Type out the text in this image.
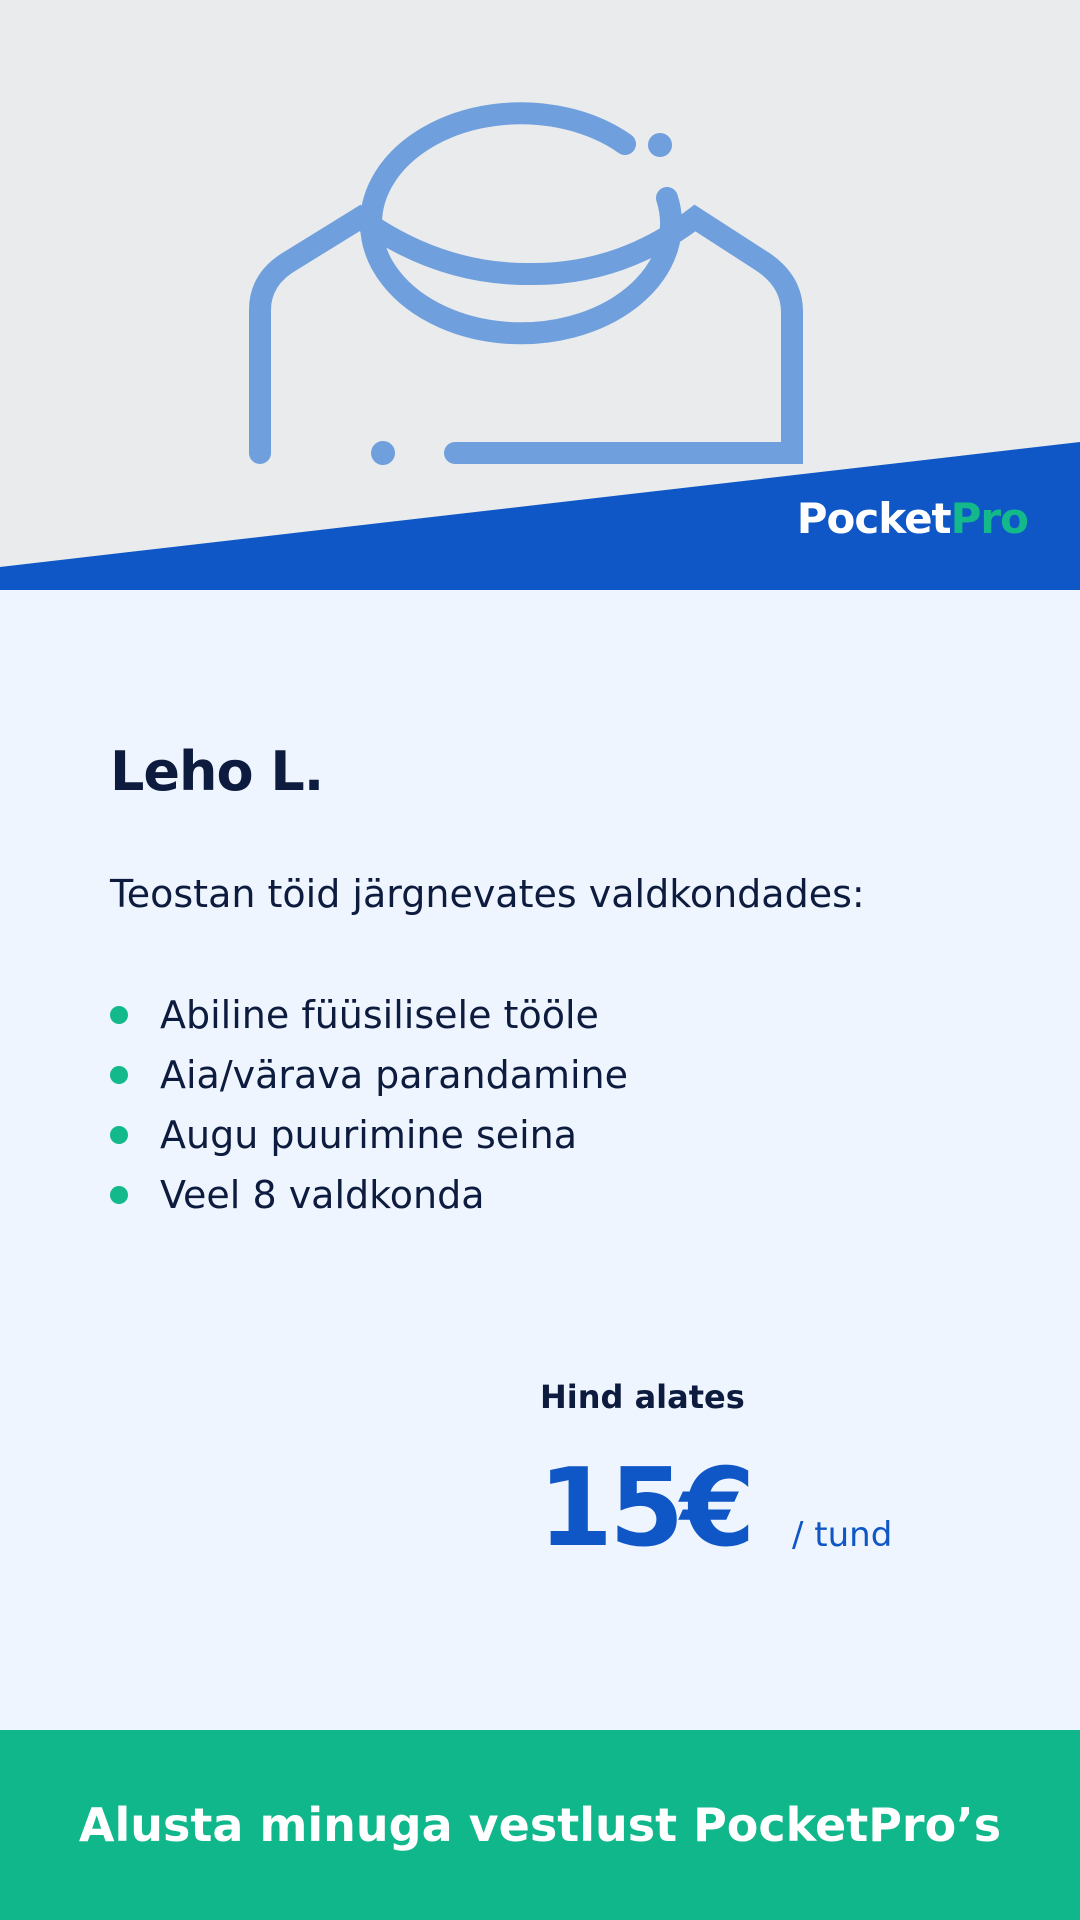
PocketPro
Leho L.
Teostan töid järgnevates valdkondades:
Abiline füüsilisele tööle
Aia/värava parandamine
Augu puurimine seina
Veel 8 valdkonda
Hind alates
15€ / tund
Alusta minuga vestlust PocketPro’s
